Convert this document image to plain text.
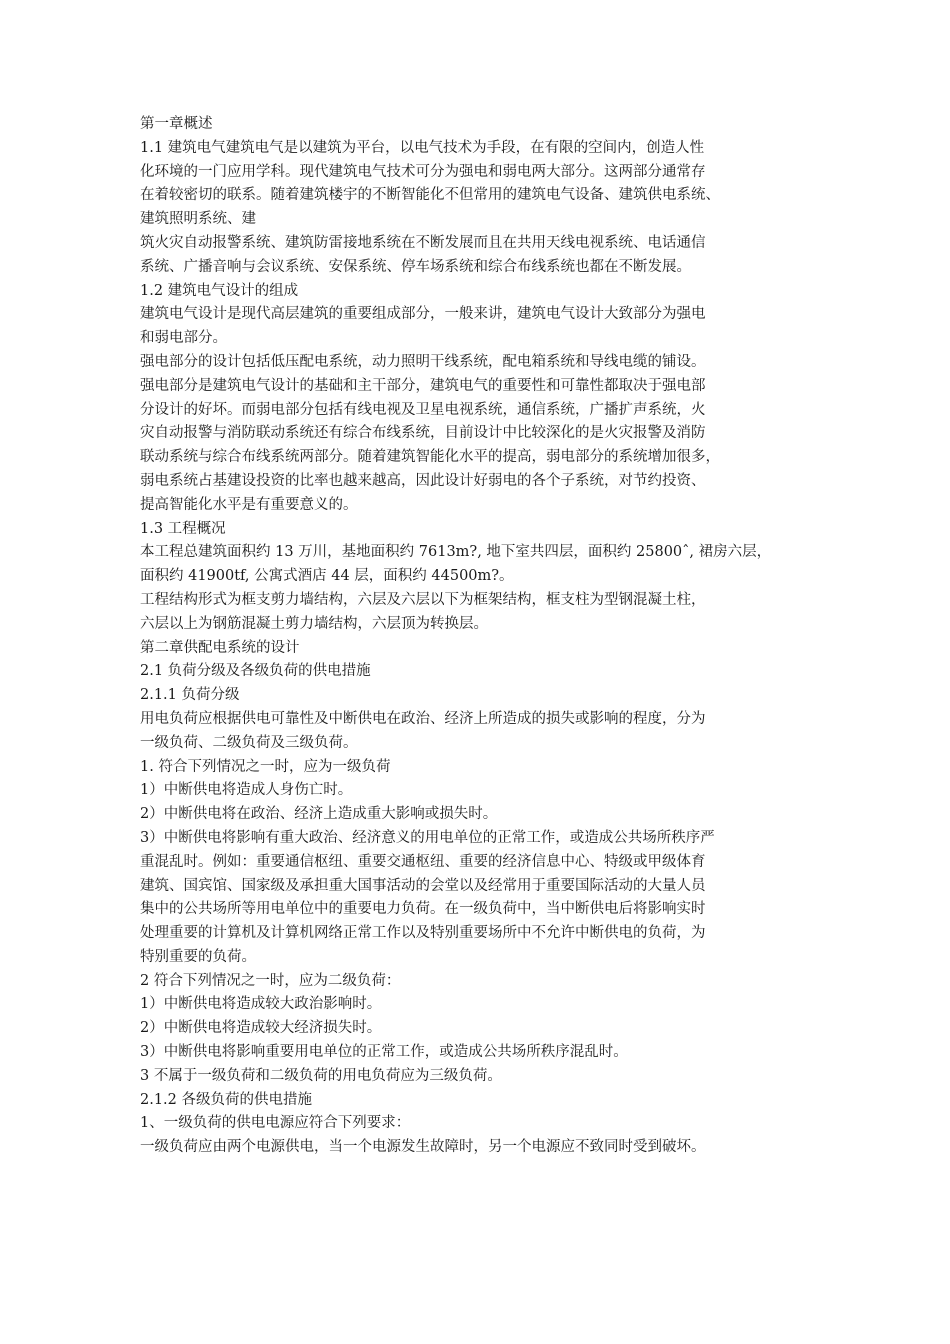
第一章概述
1.1 建筑电气建筑电气是以建筑为平台，以电气技术为手段，在有限的空间内，创造人性
化环境的一门应用学科。现代建筑电气技术可分为强电和弱电两大部分。这两部分通常存
在着较密切的联系。随着建筑楼宇的不断智能化不但常用的建筑电气设备、建筑供电系统、
建筑照明系统、建
筑火灾自动报警系统、建筑防雷接地系统在不断发展而且在共用天线电视系统、电话通信
系统、广播音响与会议系统、安保系统、停车场系统和综合布线系统也都在不断发展。
1.2 建筑电气设计的组成
建筑电气设计是现代高层建筑的重要组成部分，一般来讲，建筑电气设计大致部分为强电
和弱电部分。
强电部分的设计包括低压配电系统，动力照明干线系统，配电箱系统和导线电缆的铺设。
强电部分是建筑电气设计的基础和主干部分，建筑电气的重要性和可靠性都取决于强电部
分设计的好坏。而弱电部分包括有线电视及卫星电视系统，通信系统，广播扩声系统，火
灾自动报警与消防联动系统还有综合布线系统，目前设计中比较深化的是火灾报警及消防
联动系统与综合布线系统两部分。随着建筑智能化水平的提高，弱电部分的系统增加很多，
弱电系统占基建设投资的比率也越来越高，因此设计好弱电的各个子系统，对节约投资、
提高智能化水平是有重要意义的。
1.3 工程概况
本工程总建筑面积约 13 万川，基地面积约 7613m?, 地下室共四层，面积约 25800ˆ, 裙房六层，
面积约 41900tf, 公寓式酒店 44 层，面积约 44500m?。
工程结构形式为框支剪力墙结构，六层及六层以下为框架结构，框支柱为型钢混凝土柱，
六层以上为钢筋混凝土剪力墙结构，六层顶为转换层。
第二章供配电系统的设计
2.1 负荷分级及各级负荷的供电措施
2.1.1 负荷分级
用电负荷应根据供电可靠性及中断供电在政治、经济上所造成的损失或影响的程度，分为
一级负荷、二级负荷及三级负荷。
1. 符合下列情况之一时，应为一级负荷
1）中断供电将造成人身伤亡时。
2）中断供电将在政治、经济上造成重大影响或损失时。
3）中断供电将影响有重大政治、经济意义的用电单位的正常工作，或造成公共场所秩序严
重混乱时。例如：重要通信枢纽、重要交通枢纽、重要的经济信息中心、特级或甲级体育
建筑、国宾馆、国家级及承担重大国事活动的会堂以及经常用于重要国际活动的大量人员
集中的公共场所等用电单位中的重要电力负荷。在一级负荷中，当中断供电后将影响实时
处理重要的计算机及计算机网络正常工作以及特别重要场所中不允许中断供电的负荷，为
特别重要的负荷。
2 符合下列情况之一时，应为二级负荷：
1）中断供电将造成较大政治影响时。
2）中断供电将造成较大经济损失时。
3）中断供电将影响重要用电单位的正常工作，或造成公共场所秩序混乱时。
3 不属于一级负荷和二级负荷的用电负荷应为三级负荷。
2.1.2 各级负荷的供电措施
1、一级负荷的供电电源应符合下列要求：
一级负荷应由两个电源供电，当一个电源发生故障时，另一个电源应不致同时受到破坏。
